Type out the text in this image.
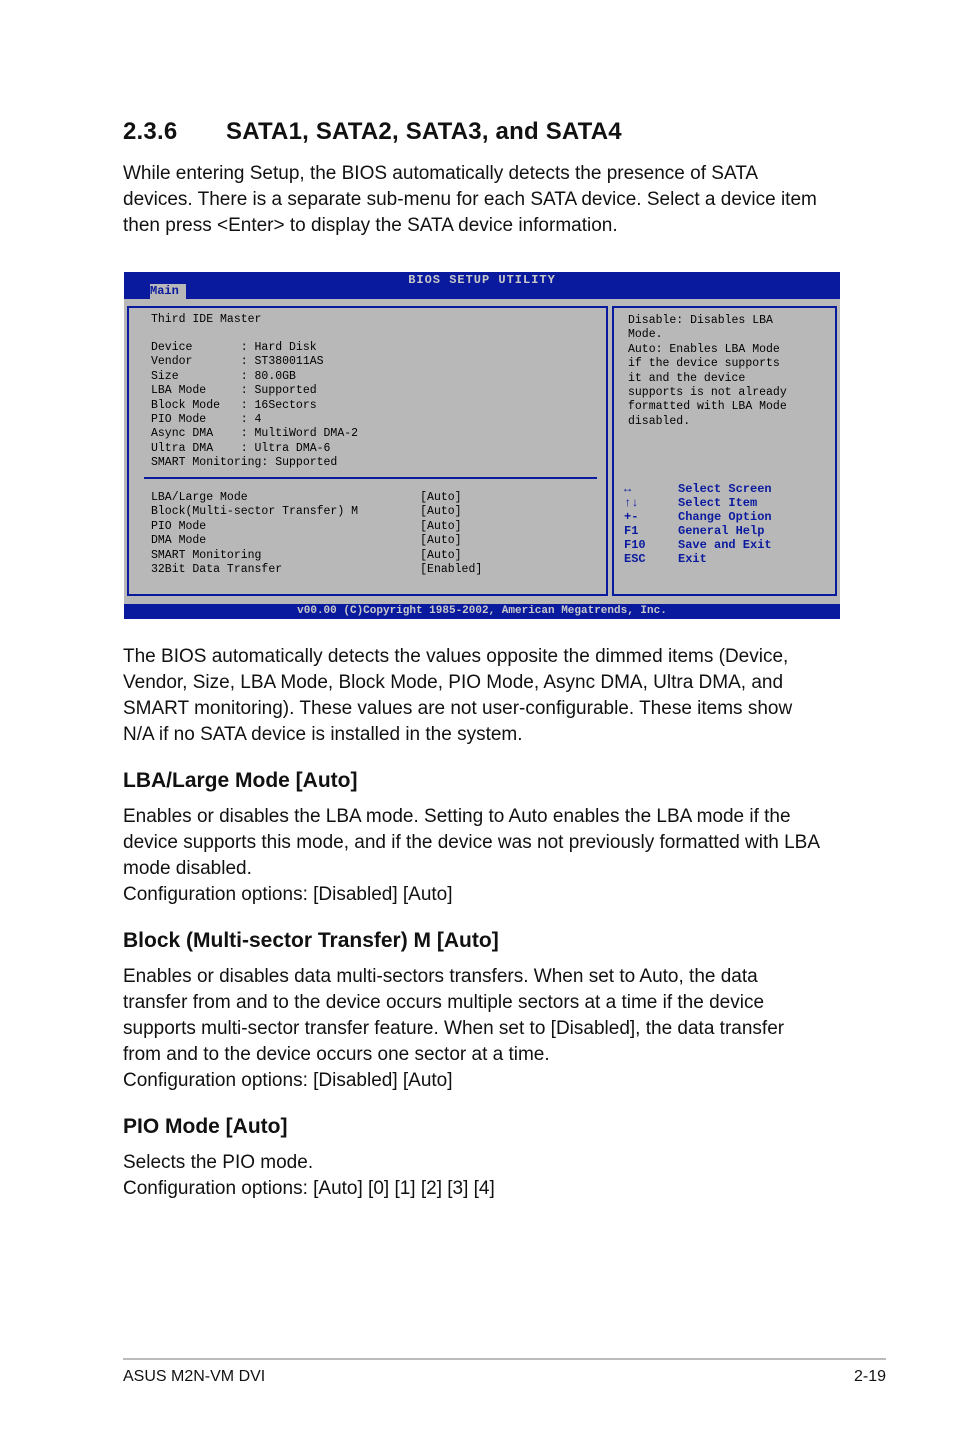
2.3.6 SATA1, SATA2, SATA3, and SATA4

While entering Setup, the BIOS automatically detects the presence of SATA
devices. There is a separate sub-menu for each SATA device. Select a device item
then press <Enter> to display the SATA device information.

BIOS SETUP UTILITY
Main
Third IDE Master
Device       : Hard Disk
Vendor       : ST380011AS
Size         : 80.0GB
LBA Mode     : Supported
Block Mode   : 16Sectors
PIO Mode     : 4
Async DMA    : MultiWord DMA-2
Ultra DMA    : Ultra DMA-6
SMART Monitoring: Supported
LBA/Large Mode                         [Auto]
Block(Multi-sector Transfer) M         [Auto]
PIO Mode                               [Auto]
DMA Mode                               [Auto]
SMART Monitoring                       [Auto]
32Bit Data Transfer                    [Enabled]
Disable: Disables LBA
Mode.
Auto: Enables LBA Mode
if the device supports
it and the device
supports is not already
formatted with LBA Mode
disabled.
↔	Select Screen
↑↓	Select Item
+-	Change Option
F1	General Help
F10	Save and Exit
ESC	Exit
v00.00 (C)Copyright 1985-2002, American Megatrends, Inc.

The BIOS automatically detects the values opposite the dimmed items (Device,
Vendor, Size, LBA Mode, Block Mode, PIO Mode, Async DMA, Ultra DMA, and
SMART monitoring). These values are not user-configurable. These items show
N/A if no SATA device is installed in the system.

LBA/Large Mode [Auto]

Enables or disables the LBA mode. Setting to Auto enables the LBA mode if the
device supports this mode, and if the device was not previously formatted with LBA
mode disabled.
Configuration options: [Disabled] [Auto]

Block (Multi-sector Transfer) M [Auto]

Enables or disables data multi-sectors transfers. When set to Auto, the data
transfer from and to the device occurs multiple sectors at a time if the device
supports multi-sector transfer feature. When set to [Disabled], the data transfer
from and to the device occurs one sector at a time.
Configuration options: [Disabled] [Auto]

PIO Mode [Auto]

Selects the PIO mode.
Configuration options: [Auto] [0] [1] [2] [3] [4]

ASUS M2N-VM DVI	2-19
